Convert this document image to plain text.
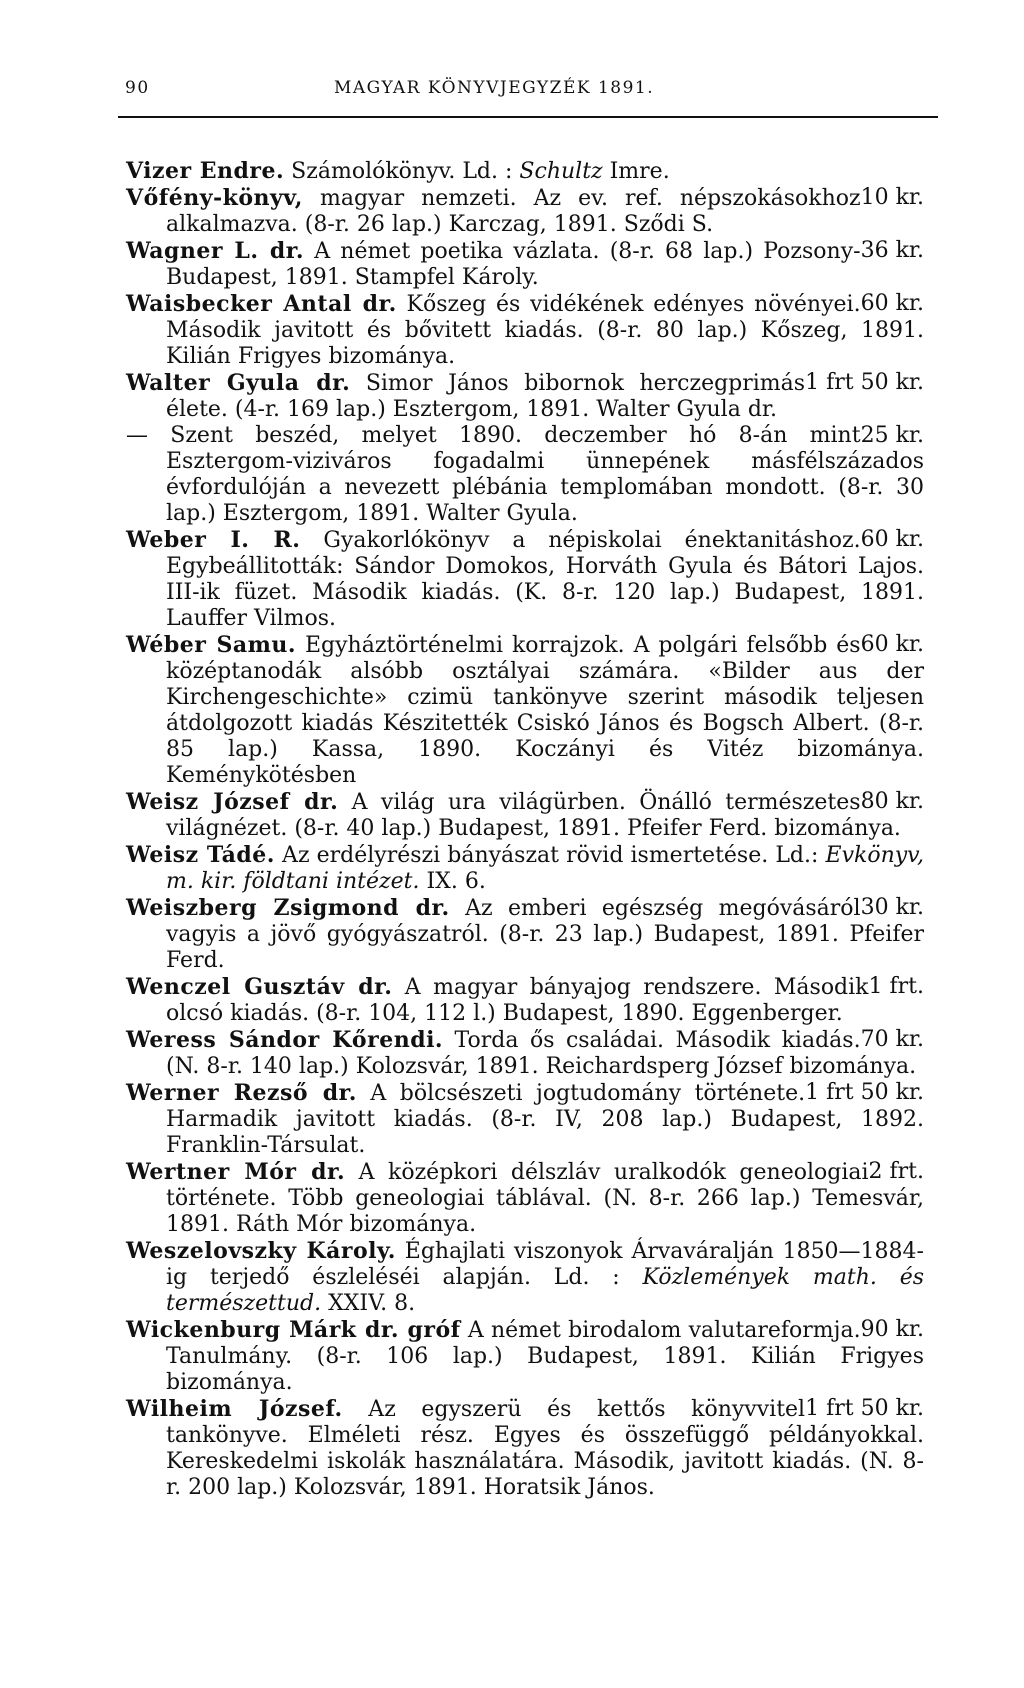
90	MAGYAR KÖNYVJEGYZÉK 1891.
Vizer Endre. Számolókönyv. Ld. : Schultz Imre.
10 kr.
Vőfény-könyv, magyar nemzeti. Az ev. ref. népszokásokhoz alkalmazva. (8-r. 26 lap.) Karczag, 1891. Sződi S.
36 kr.
Wagner L. dr. A német poetika vázlata. (8-r. 68 lap.) Pozsony-Budapest, 1891. Stampfel Károly.
60 kr.
Waisbecker Antal dr. Kőszeg és vidékének edényes növényei. Második javitott és bővitett kiadás. (8-r. 80 lap.) Kőszeg, 1891. Kilián Frigyes bizománya.
1 frt 50 kr.
Walter Gyula dr. Simor János bibornok herczegprimás élete. (4-r. 169 lap.) Esztergom, 1891. Walter Gyula dr.
25 kr.
— Szent beszéd, melyet 1890. deczember hó 8-án mint Esztergom-viziváros fogadalmi ünnepének másfélszázados évfordulóján a nevezett plébánia templomában mondott. (8-r. 30 lap.) Esztergom, 1891. Walter Gyula.
60 kr.
Weber I. R. Gyakorlókönyv a népiskolai énektanitáshoz. Egybeállitották: Sándor Domokos, Horváth Gyula és Bátori Lajos. III-ik füzet. Második kiadás. (K. 8-r. 120 lap.) Budapest, 1891. Lauffer Vilmos.
60 kr.
Wéber Samu. Egyháztörténelmi korrajzok. A polgári felsőbb és középtanodák alsóbb osztályai számára. «Bilder aus der Kirchengeschichte» czimü tankönyve szerint második teljesen átdolgozott kiadás Készitették Csiskó János és Bogsch Albert. (8-r. 85 lap.) Kassa, 1890. Koczányi és Vitéz bizománya. Keménykötésben
80 kr.
Weisz József dr. A világ ura világürben. Önálló természetes világnézet. (8-r. 40 lap.) Budapest, 1891. Pfeifer Ferd. bizománya.
Weisz Tádé. Az erdélyrészi bányászat rövid ismertetése. Ld.: Evkönyv, m. kir. földtani intézet. IX. 6.
30 kr.
Weiszberg Zsigmond dr. Az emberi egészség megóvásáról vagyis a jövő gyógyászatról. (8-r. 23 lap.) Budapest, 1891. Pfeifer Ferd.
1 frt.
Wenczel Gusztáv dr. A magyar bányajog rendszere. Második olcsó kiadás. (8-r. 104, 112 l.) Budapest, 1890. Eggenberger.
70 kr.
Weress Sándor Kőrendi. Torda ős családai. Második kiadás. (N. 8-r. 140 lap.) Kolozsvár, 1891. Reichardsperg József bizománya.
1 frt 50 kr.
Werner Rezső dr. A bölcsészeti jogtudomány története. Harmadik javitott kiadás. (8-r. IV, 208 lap.) Budapest, 1892. Franklin-Társulat.
2 frt.
Wertner Mór dr. A középkori délszláv uralkodók geneologiai története. Több geneologiai táblával. (N. 8-r. 266 lap.) Temesvár, 1891. Ráth Mór bizománya.
Weszelovszky Károly. Éghajlati viszonyok Árvaváralján 1850—1884-ig terjedő észleléséi alapján. Ld. : Közlemények math. és természettud. XXIV. 8.
90 kr.
Wickenburg Márk dr. gróf A német birodalom valutareformja. Tanulmány. (8-r. 106 lap.) Budapest, 1891. Kilián Frigyes bizománya.
1 frt 50 kr.
Wilheim József. Az egyszerü és kettős könyvvitel tankönyve. Elméleti rész. Egyes és összefüggő példányokkal. Kereskedelmi iskolák használatára. Második, javitott kiadás. (N. 8-r. 200 lap.) Kolozsvár, 1891. Horatsik János.
